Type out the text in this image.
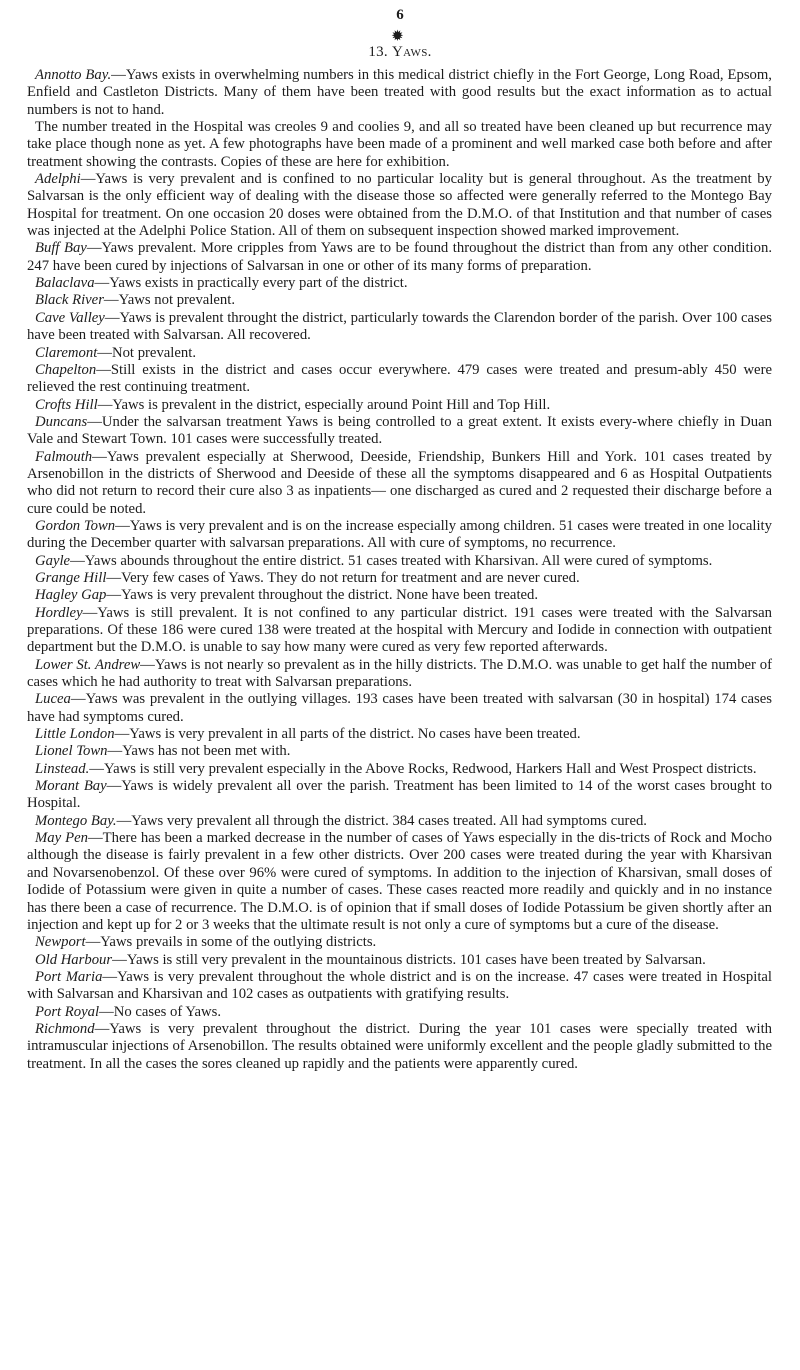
6
✹
13. Yaws.

Annotto Bay.—Yaws exists in overwhelming numbers in this medical district chiefly in the Fort George, Long Road, Epsom, Enfield and Castleton Districts. Many of them have been treated with good results but the exact information as to actual numbers is not to hand.

The number treated in the Hospital was creoles 9 and coolies 9, and all so treated have been cleaned up but recurrence may take place though none as yet. A few photographs have been made of a prominent and well marked case both before and after treatment showing the contrasts. Copies of these are here for exhibition.

Adelphi—Yaws is very prevalent and is confined to no particular locality but is general throughout. As the treatment by Salvarsan is the only efficient way of dealing with the disease those so affected were generally referred to the Montego Bay Hospital for treatment. On one occasion 20 doses were obtained from the D.M.O. of that Institution and that number of cases was injected at the Adelphi Police Station. All of them on subsequent inspection showed marked improvement.

Buff Bay—Yaws prevalent. More cripples from Yaws are to be found throughout the district than from any other condition. 247 have been cured by injections of Salvarsan in one or other of its many forms of preparation.

Balaclava—Yaws exists in practically every part of the district.

Black River—Yaws not prevalent.

Cave Valley—Yaws is prevalent throught the district, particularly towards the Clarendon border of the parish. Over 100 cases have been treated with Salvarsan. All recovered.

Claremont—Not prevalent.

Chapelton—Still exists in the district and cases occur everywhere. 479 cases were treated and presum-ably 450 were relieved the rest continuing treatment.

Crofts Hill—Yaws is prevalent in the district, especially around Point Hill and Top Hill.

Duncans—Under the salvarsan treatment Yaws is being controlled to a great extent. It exists every-where chiefly in Duan Vale and Stewart Town. 101 cases were successfully treated.

Falmouth—Yaws prevalent especially at Sherwood, Deeside, Friendship, Bunkers Hill and York. 101 cases treated by Arsenobillon in the districts of Sherwood and Deeside of these all the symptoms disappeared and 6 as Hospital Outpatients who did not return to record their cure also 3 as inpatients— one discharged as cured and 2 requested their discharge before a cure could be noted.

Gordon Town—Yaws is very prevalent and is on the increase especially among children. 51 cases were treated in one locality during the December quarter with salvarsan preparations. All with cure of symptoms, no recurrence.

Gayle—Yaws abounds throughout the entire district. 51 cases treated with Kharsivan. All were cured of symptoms.

Grange Hill—Very few cases of Yaws. They do not return for treatment and are never cured.

Hagley Gap—Yaws is very prevalent throughout the district. None have been treated.

Hordley—Yaws is still prevalent. It is not confined to any particular district. 191 cases were treated with the Salvarsan preparations. Of these 186 were cured 138 were treated at the hospital with Mercury and Iodide in connection with outpatient department but the D.M.O. is unable to say how many were cured as very few reported afterwards.

Lower St. Andrew—Yaws is not nearly so prevalent as in the hilly districts. The D.M.O. was unable to get half the number of cases which he had authority to treat with Salvarsan preparations.

Lucea—Yaws was prevalent in the outlying villages. 193 cases have been treated with salvarsan (30 in hospital) 174 cases have had symptoms cured.

Little London—Yaws is very prevalent in all parts of the district. No cases have been treated.

Lionel Town—Yaws has not been met with.

Linstead.—Yaws is still very prevalent especially in the Above Rocks, Redwood, Harkers Hall and West Prospect districts.

Morant Bay—Yaws is widely prevalent all over the parish. Treatment has been limited to 14 of the worst cases brought to Hospital.

Montego Bay.—Yaws very prevalent all through the district. 384 cases treated. All had symptoms cured.

May Pen—There has been a marked decrease in the number of cases of Yaws especially in the dis-tricts of Rock and Mocho although the disease is fairly prevalent in a few other districts. Over 200 cases were treated during the year with Kharsivan and Novarsenobenzol. Of these over 96% were cured of symptoms. In addition to the injection of Kharsivan, small doses of Iodide of Potassium were given in quite a number of cases. These cases reacted more readily and quickly and in no instance has there been a case of recurrence. The D.M.O. is of opinion that if small doses of Iodide Potassium be given shortly after an injection and kept up for 2 or 3 weeks that the ultimate result is not only a cure of symptoms but a cure of the disease.

Newport—Yaws prevails in some of the outlying districts.

Old Harbour—Yaws is still very prevalent in the mountainous districts. 101 cases have been treated by Salvarsan.

Port Maria—Yaws is very prevalent throughout the whole district and is on the increase. 47 cases were treated in Hospital with Salvarsan and Kharsivan and 102 cases as outpatients with gratifying results.

Port Royal—No cases of Yaws.

Richmond—Yaws is very prevalent throughout the district. During the year 101 cases were specially treated with intramuscular injections of Arsenobillon. The results obtained were uniformly excellent and the people gladly submitted to the treatment. In all the cases the sores cleaned up rapidly and the patients were apparently cured.
